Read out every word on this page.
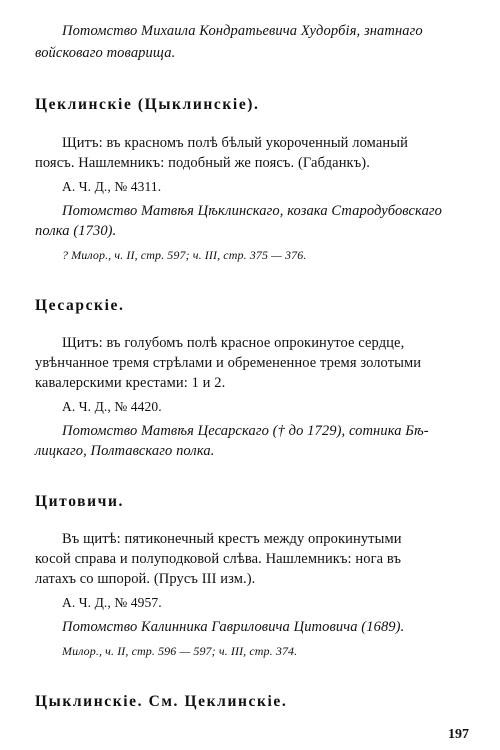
Потомство Михаила Кондратьевича Худорбія, знатнаго
войсковаго товарища.
Цеклинскіе (Цыклинскіе).
Щитъ: въ красномъ полѣ бѣлый укороченный ломаный
поясъ. Нашлемникъ: подобный же поясъ. (Габданкъ).
А. Ч. Д., № 4311.
Потомство Матвѣя Цѣклинскаго, козака Стародубовскаго
полка (1730).
? Милор., ч. II, стр. 597; ч. III, стр. 375 — 376.
Цесарскіе.
Щитъ: въ голубомъ полѣ красное опрокинутое сердце,
увѣнчанное тремя стрѣлами и обремененное тремя золотыми
кавалерскими крестами: 1 и 2.
А. Ч. Д., № 4420.
Потомство Матвѣя Цесарскаго († до 1729), сотника Бѣ-
лицкаго, Полтавскаго полка.
Цитовичи.
Въ щитѣ: пятиконечный крестъ между опрокинутыми
косой справа и полуподковой слѣва. Нашлемникъ: нога въ
латахъ со шпорой. (Прусъ III изм.).
А. Ч. Д., № 4957.
Потомство Калинника Гавриловича Цитовича (1689).
Милор., ч. II, стр. 596 — 597; ч. III, стр. 374.
Цыклинскіе. См. Цеклинскіе.
197
